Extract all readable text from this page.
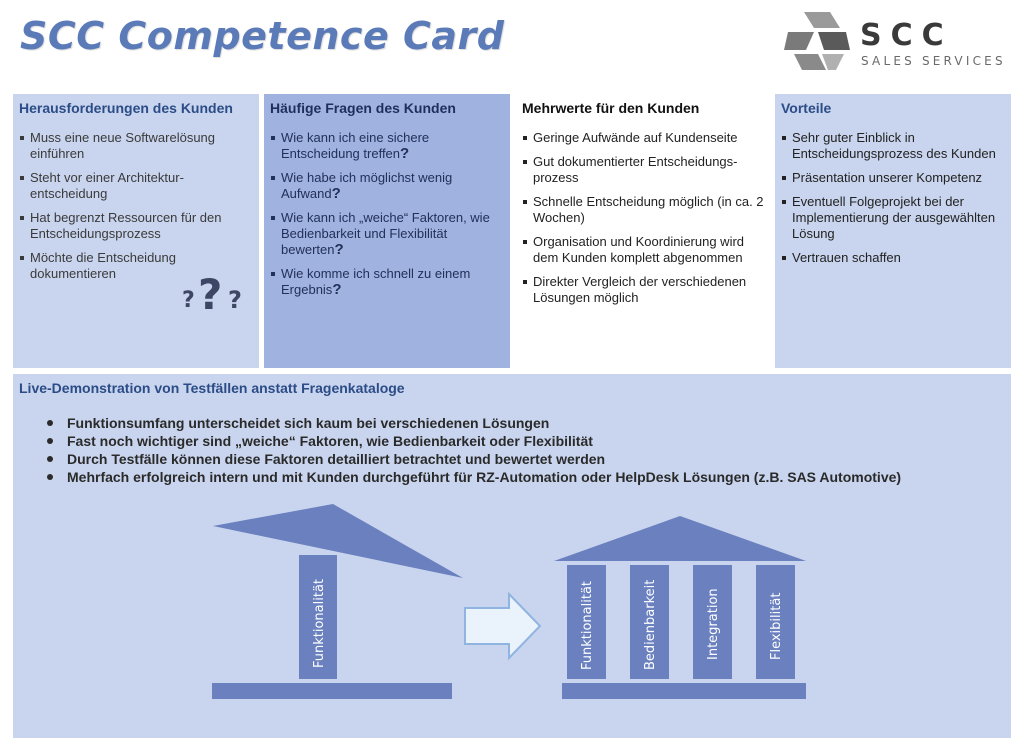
SCC Competence Card	SCC
SALES SERVICES
Herausforderungen des Kunden
Muss eine neue Softwarelösung einführen
Steht vor einer Architektur-entscheidung
Hat begrenzt Ressourcen für den Entscheidungsprozess
Möchte die Entscheidung dokumentieren
? ? ?
Häufige Fragen des Kunden
Wie kann ich eine sichere Entscheidung treffen?
Wie habe ich möglichst wenig Aufwand?
Wie kann ich „weiche“ Faktoren, wie Bedienbarkeit und Flexibilität bewerten?
Wie komme ich schnell zu einem Ergebnis?
Mehrwerte für den Kunden
Geringe Aufwände auf Kundenseite
Gut dokumentierter Entscheidungs-prozess
Schnelle Entscheidung möglich (in ca. 2 Wochen)
Organisation und Koordinierung wird dem Kunden komplett abgenommen
Direkter Vergleich der verschiedenen Lösungen möglich
Vorteile
Sehr guter Einblick in Entscheidungsprozess des Kunden
Präsentation unserer Kompetenz
Eventuell Folgeprojekt bei der Implementierung der ausgewählten Lösung
Vertrauen schaffen
Live-Demonstration von Testfällen anstatt Fragenkataloge
Funktionsumfang unterscheidet sich kaum bei verschiedenen Lösungen
Fast noch wichtiger sind „weiche“ Faktoren, wie Bedienbarkeit oder Flexibilität
Durch Testfälle können diese Faktoren detailliert betrachtet und bewertet werden
Mehrfach erfolgreich intern und mit Kunden durchgeführt für RZ-Automation oder HelpDesk Lösungen (z.B. SAS Automotive)
Funktionalität	Funktionalität	Bedienbarkeit	Integration	Flexibilität
